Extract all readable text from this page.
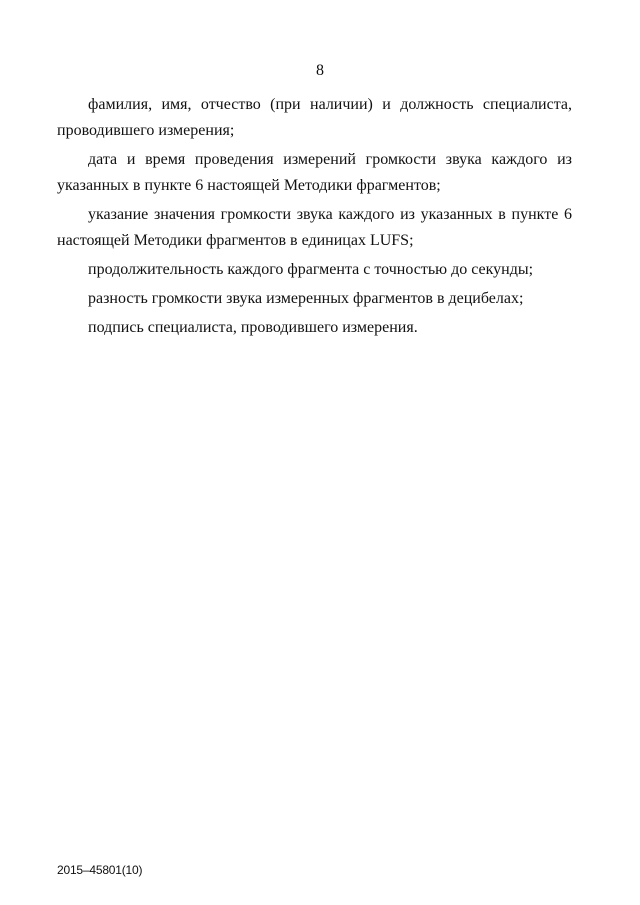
8

фамилия, имя, отчество (при наличии) и должность специалиста, проводившего измерения;

дата и время проведения измерений громкости звука каждого из указанных в пункте 6 настоящей Методики фрагментов;

указание значения громкости звука каждого из указанных в пункте 6 настоящей Методики фрагментов в единицах LUFS;

продолжительность каждого фрагмента с точностью до секунды;

разность громкости звука измеренных фрагментов в децибелах;

подпись специалиста, проводившего измерения.

2015–45801(10)
